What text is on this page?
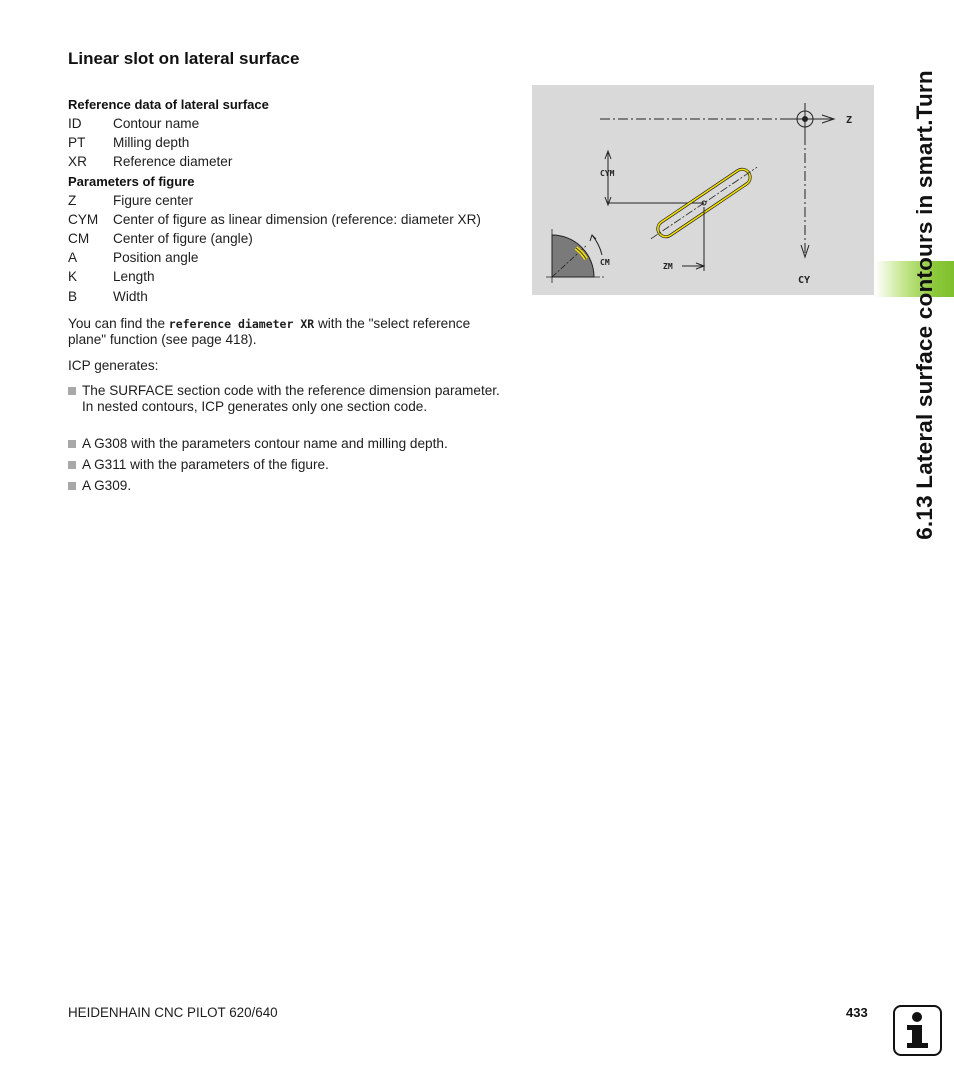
Linear slot on lateral surface
Reference data of lateral surface
ID	Contour name
PT	Milling depth
XR	Reference diameter
Parameters of figure
Z	Figure center
CYM	Center of figure as linear dimension (reference: diameter XR)
CM	Center of figure (angle)
A	Position angle
K	Length
B	Width
You can find the reference diameter XR with the "select reference plane" function (see page 418).
ICP generates:
The SURFACE section code with the reference dimension parameter. In nested contours, ICP generates only one section code.
A G308 with the parameters contour name and milling depth.
A G311 with the parameters of the figure.
A G309.
Z
CY
CYM
ZM
CM	6.13 Lateral surface contours in smart.Turn
HEIDENHAIN CNC PILOT 620/640	433
